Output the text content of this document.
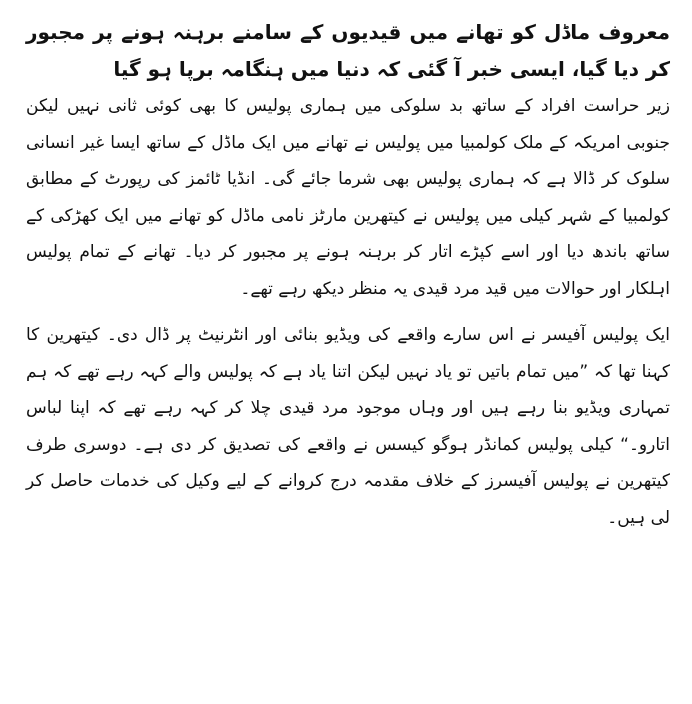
معروف ماڈل کو تھانے میں قیدیوں کے سامنے برہنہ ہونے پر مجبور کر دیا گیا، ایسی خبر آ گئی کہ دنیا میں ہنگامہ برپا ہو گیا

زیر حراست افراد کے ساتھ بد سلوکی میں ہماری پولیس کا بھی کوئی ثانی نہیں لیکن جنوبی امریکہ کے ملک کولمبیا میں پولیس نے تھانے میں ایک ماڈل کے ساتھ ایسا غیر انسانی سلوک کر ڈالا ہے کہ ہماری پولیس بھی شرما جائے گی۔ انڈیا ٹائمز کی رپورٹ کے مطابق کولمبیا کے شہر کیلی میں پولیس نے کیتھرین مارٹز نامی ماڈل کو تھانے میں ایک کھڑکی کے ساتھ باندھ دیا اور اسے کپڑے اتار کر برہنہ ہونے پر مجبور کر دیا۔ تھانے کے تمام پولیس اہلکار اور حوالات میں قید مرد قیدی یہ منظر دیکھ رہے تھے۔

ایک پولیس آفیسر نے اس سارے واقعے کی ویڈیو بنائی اور انٹرنیٹ پر ڈال دی۔ کیتھرین کا کہنا تھا کہ ”میں تمام باتیں تو یاد نہیں لیکن اتنا یاد ہے کہ پولیس والے کہہ رہے تھے کہ ہم تمہاری ویڈیو بنا رہے ہیں اور وہاں موجود مرد قیدی چلا کر کہہ رہے تھے کہ اپنا لباس اتارو۔“ کیلی پولیس کمانڈر ہوگو کیسس نے واقعے کی تصدیق کر دی ہے۔ دوسری طرف کیتھرین نے پولیس آفیسرز کے خلاف مقدمہ درج کروانے کے لیے وکیل کی خدمات حاصل کر لی ہیں۔
